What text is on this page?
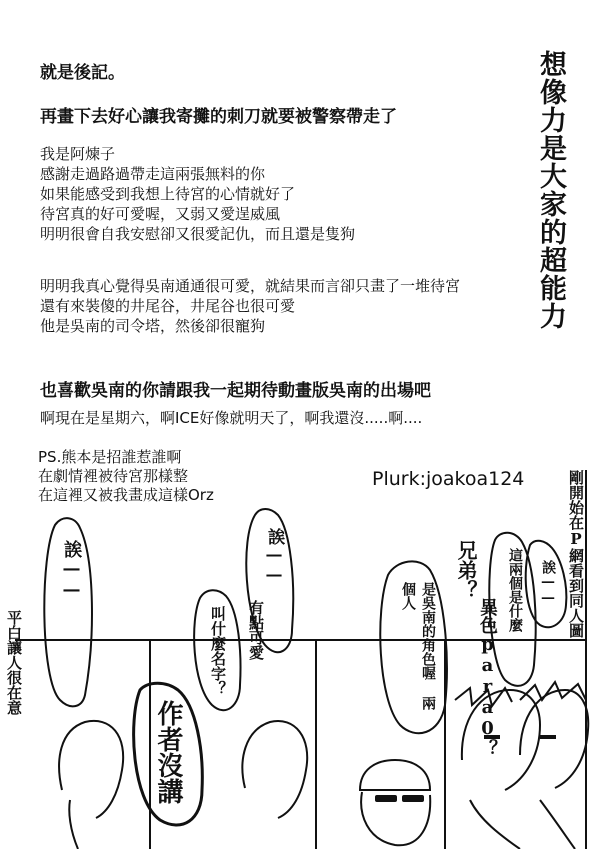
想像力是大家的超能力
就是後記。
再畫下去好心讓我寄攤的刺刀就要被警察帶走了
我是阿煉子
感謝走過路過帶走這兩張無料的你
如果能感受到我想上待宮的心情就好了
待宮真的好可愛喔，又弱又愛逞威風
明明很會自我安慰卻又很愛記仇，而且還是隻狗
明明我真心覺得吳南通通很可愛，就結果而言卻只畫了一堆待宮
還有來裝傻的井尾谷，井尾谷也很可愛
他是吳南的司令塔，然後卻很寵狗
也喜歡吳南的你請跟我一起期待動畫版吳南的出場吧
啊現在是星期六，啊ICE好像就明天了，啊我還沒.....啊....
PS.熊本是招誰惹誰啊
在劇情裡被待宮那樣整
在這裡又被我畫成這樣Orz
Plurk:joakoa124
平白讓人很在意
誒——
作者沒講
誒——
有點可愛
叫什麼名字？	是吳南的角色喔 兩個人	這兩個是什麼
兄弟？
異色para0？
誒—— 剛開始在P網看到同人圖
